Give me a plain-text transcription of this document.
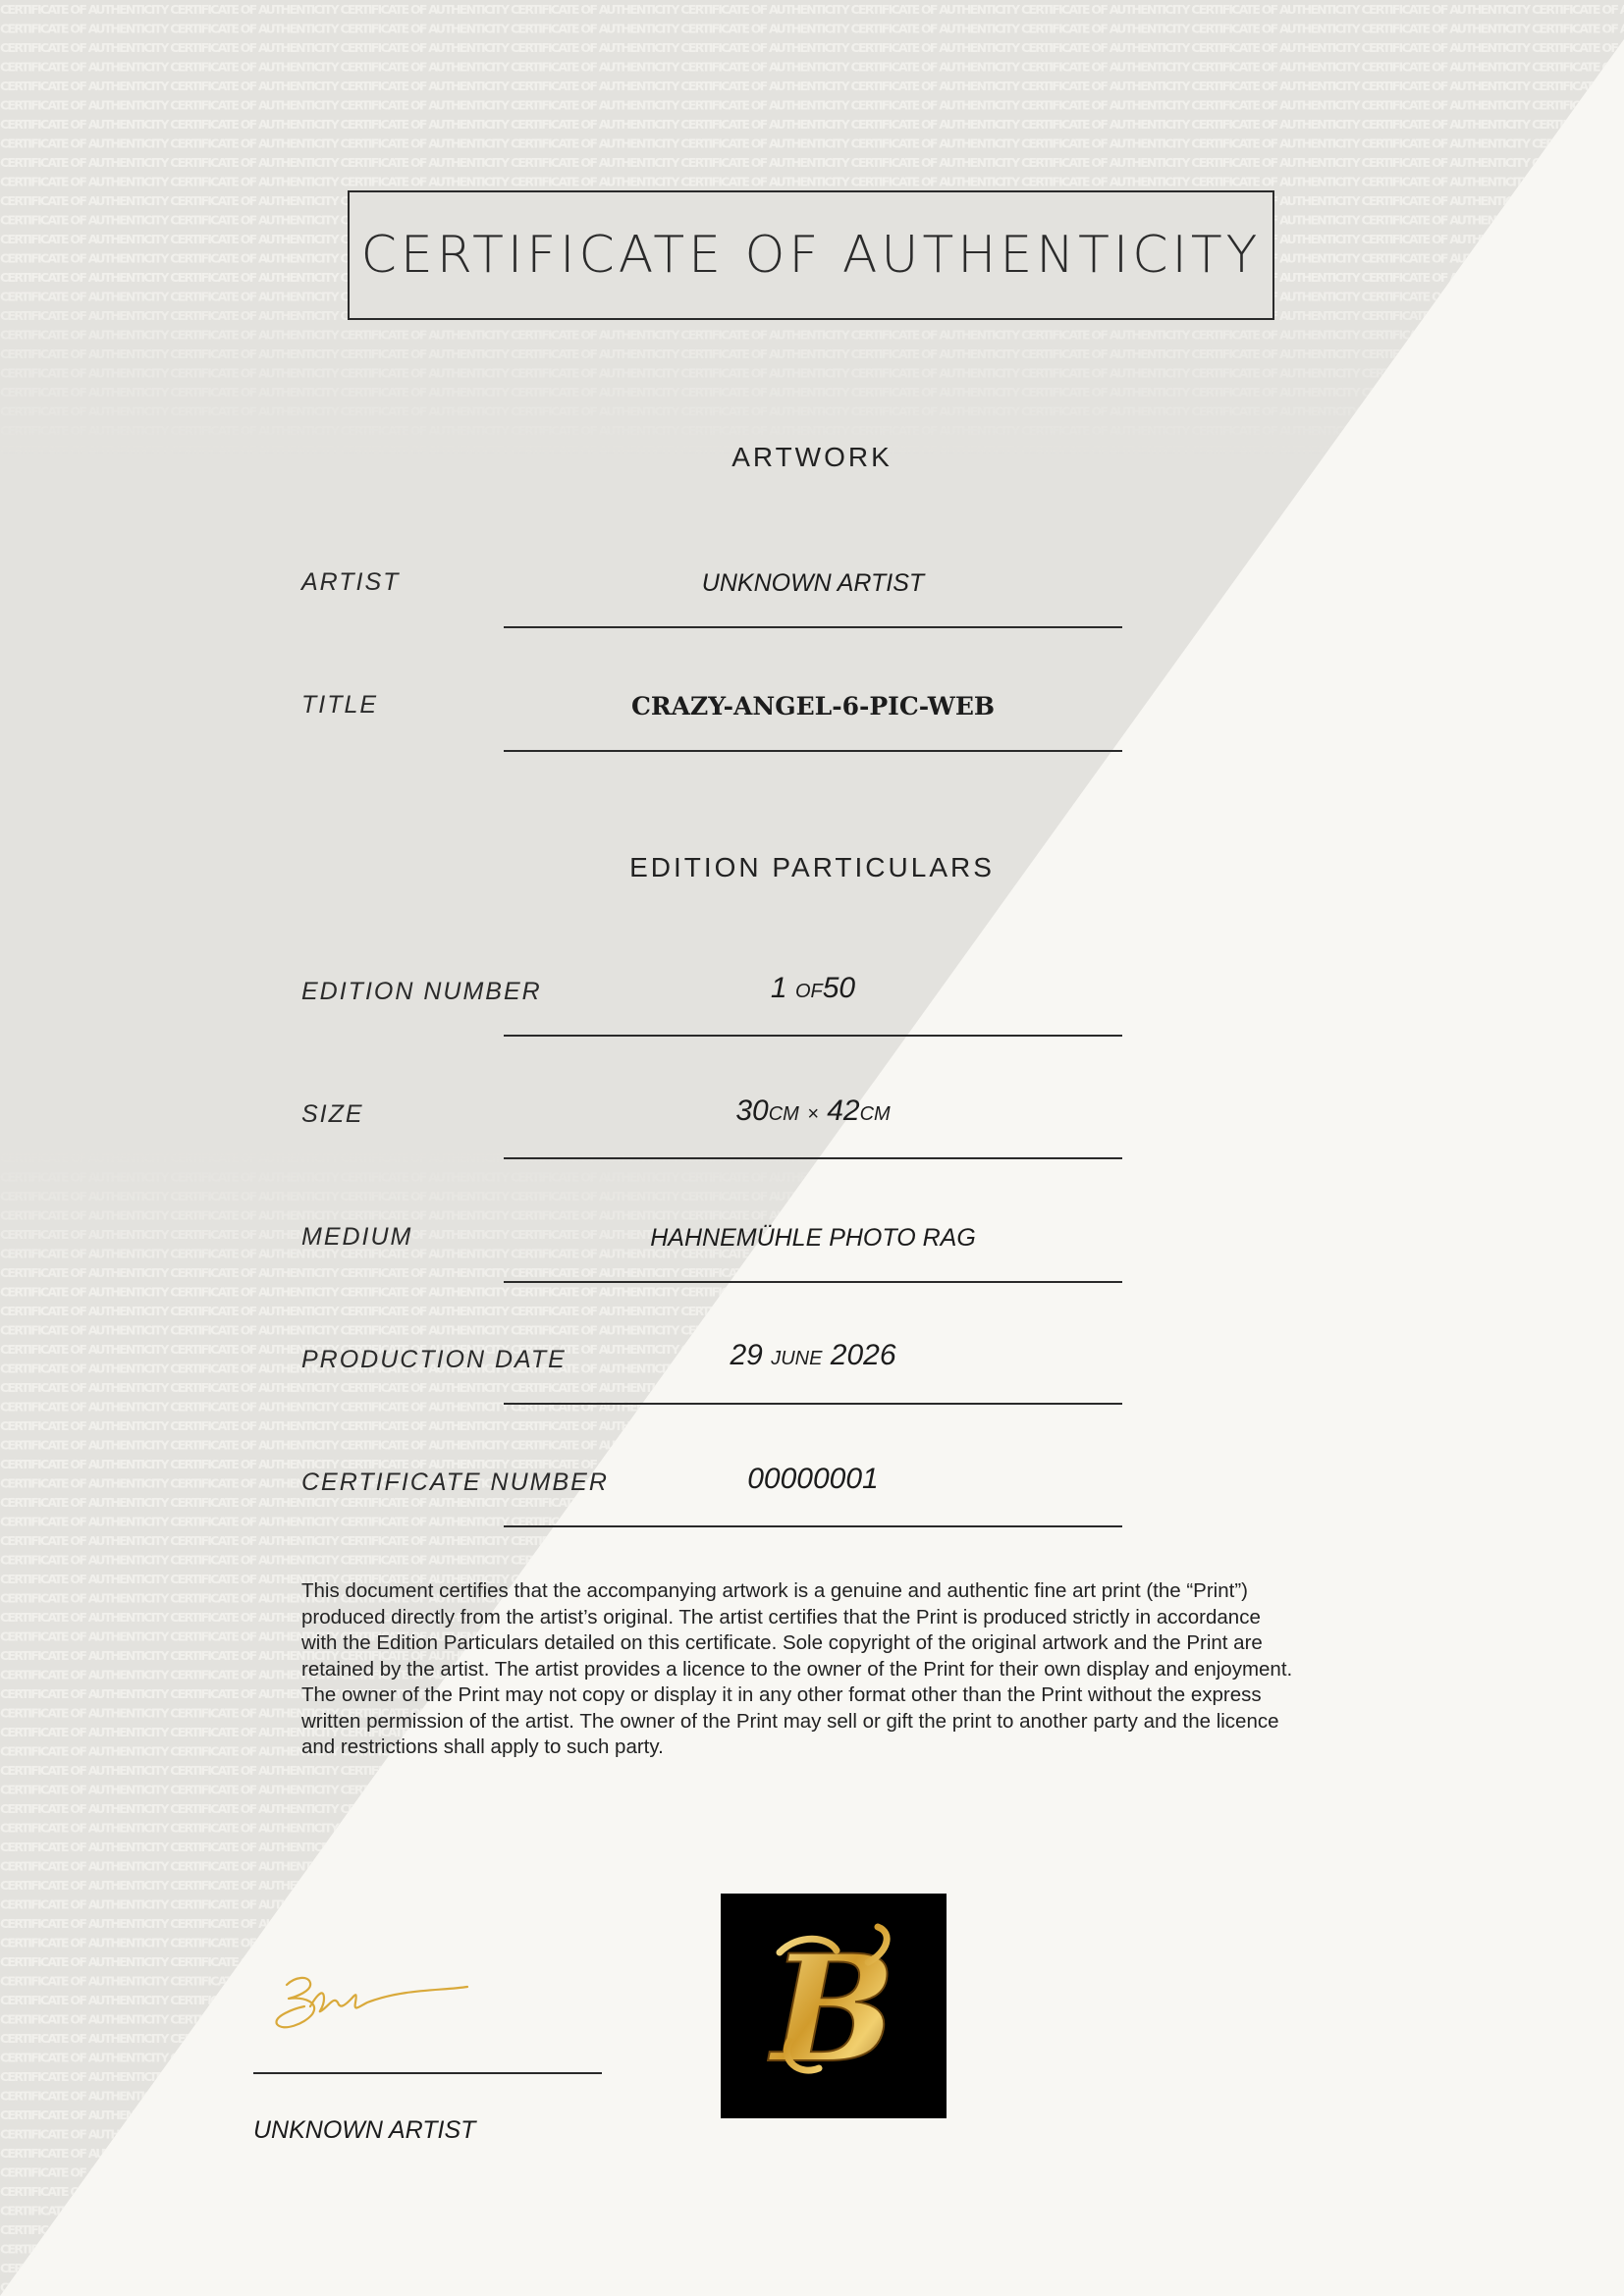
CERTIFICATE OF AUTHENTICITY
ARTWORK
ARTIST	UNKNOWN ARTIST
TITLE	CRAZY-ANGEL-6-PIC-WEB
EDITION PARTICULARS
EDITION NUMBER	1 OF50
SIZE	30CM × 42CM
MEDIUM	HAHNEMÜHLE PHOTO RAG
PRODUCTION DATE	29 JUNE 2026
CERTIFICATE NUMBER	00000001
This document certifies that the accompanying artwork is a genuine and authentic fine art print (the “Print”) produced directly from the artist’s original. The artist certifies that the Print is produced strictly in accordance with the Edition Particulars detailed on this certificate. Sole copyright of the original artwork and the Print are retained by the artist. The artist provides a licence to the owner of the Print for their own display and enjoyment. The owner of the Print may not copy or display it in any other format other than the Print without the express written permission of the artist. The owner of the Print may sell or gift the print to another party and the licence and restrictions shall apply to such party.
UNKNOWN ARTIST
B
